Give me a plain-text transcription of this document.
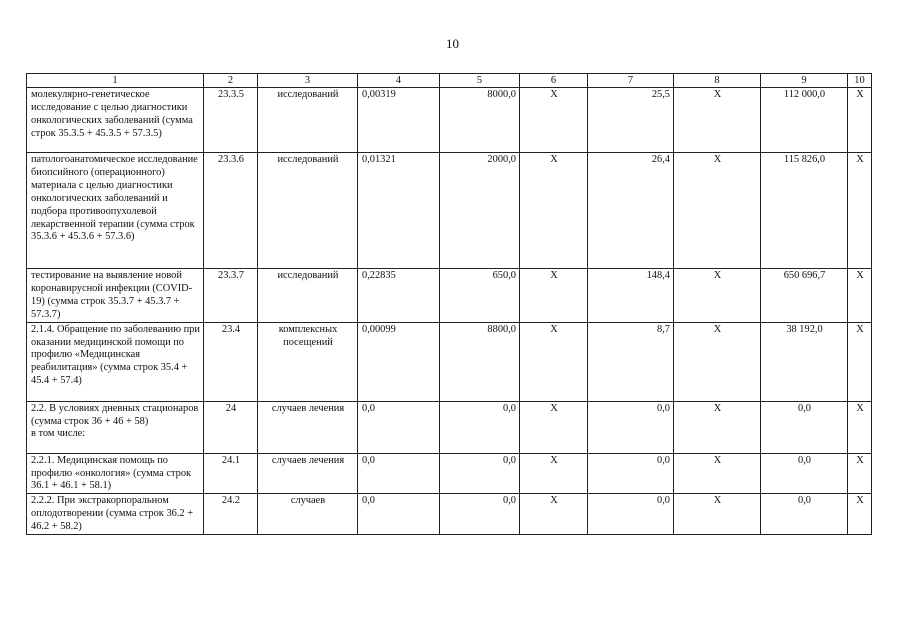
10
1	2	3	4	5	6	7	8	9	10
молекулярно-генетическое исследование с целью диагностики онкологических заболеваний (сумма строк 35.3.5 + 45.3.5 + 57.3.5)	23.3.5	исследований	0,00319	8000,0	Х	25,5	Х	112 000,0	Х
патологоанатомическое исследование биопсийного (операционного) материала с целью диагностики онкологических заболеваний и подбора противоопухолевой лекарственной терапии (сумма строк 35.3.6 + 45.3.6 + 57.3.6)	23.3.6	исследований	0,01321	2000,0	Х	26,4	Х	115 826,0	Х
тестирование на выявление новой коронавирусной инфекции (COVID-19) (сумма строк 35.3.7 + 45.3.7 + 57.3.7)	23.3.7	исследований	0,22835	650,0	Х	148,4	Х	650 696,7	Х
2.1.4. Обращение по заболеванию при оказании медицинской помощи по профилю «Медицинская реабилитация» (сумма строк 35.4 + 45.4 + 57.4)	23.4	комплексных посещений	0,00099	8800,0	Х	8,7	Х	38 192,0	Х
2.2. В условиях дневных стационаров (сумма строк 36 + 46 + 58)
в том числе:	24	случаев лечения	0,0	0,0	Х	0,0	Х	0,0	Х
2.2.1. Медицинская помощь по профилю «онкология» (сумма строк 36.1 + 46.1 + 58.1)	24.1	случаев лечения	0,0	0,0	Х	0,0	Х	0,0	Х
2.2.2. При экстракорпоральном оплодотворении (сумма строк 36.2 + 46.2 + 58.2)	24.2	случаев	0,0	0,0	Х	0,0	Х	0,0	Х
